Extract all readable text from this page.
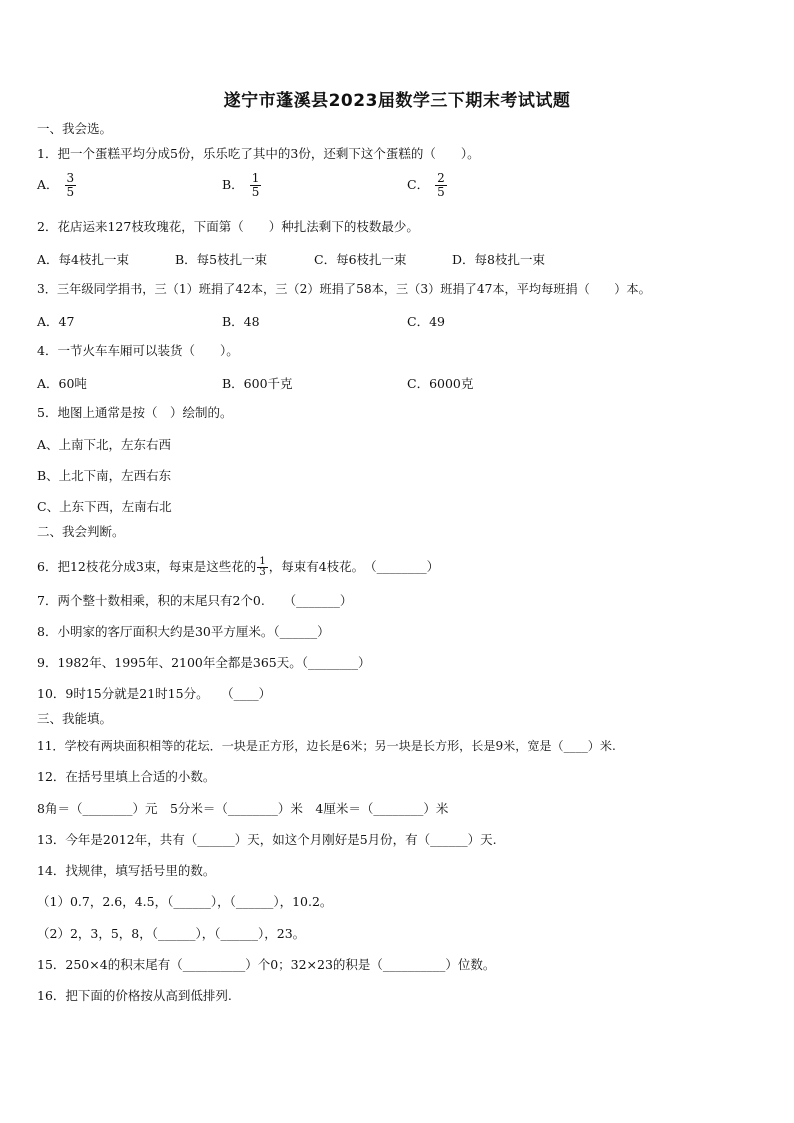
遂宁市蓬溪县2023届数学三下期末考试试题
一、我会选。
1．把一个蛋糕平均分成5份，乐乐吃了其中的3份，还剩下这个蛋糕的（　　）。
A． $\frac{3}{5}$	B． $\frac{1}{5}$	C． $\frac{2}{5}$
2．花店运来127枝玫瑰花，下面第（　　）种扎法剩下的枝数最少。
A．每4枝扎一束	B．每5枝扎一束	C．每6枝扎一束	D．每8枝扎一束
3．三年级同学捐书，三（1）班捐了42本，三（2）班捐了58本，三（3）班捐了47本，平均每班捐（　　）本。
A．47	B．48	C．49
4．一节火车车厢可以装货（　　）。
A．60吨	B．600千克	C．6000克
5．地图上通常是按（　）绘制的。
A、上南下北，左东右西
B、上北下南，左西右东
C、上东下西，左南右北
二、我会判断。
6．把12枝花分成3束，每束是这些花的 $\frac{1}{3}$ ，每束有4枝花。　（________）
7．两个整十数相乘，积的末尾只有2个0.　　（_______）
8．小明家的客厅面积大约是30平方厘米。（______）
9．1982年、1995年、2100年全都是365天。（________）
10．9时15分就是21时15分。　　（____）
三、我能填。
11．学校有两块面积相等的花坛．一块是正方形，边长是6米；另一块是长方形，长是9米，宽是（____）米.
12．在括号里填上合适的小数。
8角＝（________）元　5分米＝（________）米　4厘米＝（________）米
13．今年是2012年，共有（______）天，如这个月刚好是5月份，有（______）天.
14．找规律，填写括号里的数。
（1）0.7，2.6，4.5，（______），（______），10.2。
（2）2，3，5，8，（______），（______），23。
15．250×4的积末尾有（__________）个0；32×23的积是（__________）位数。
16．把下面的价格按从高到低排列.
